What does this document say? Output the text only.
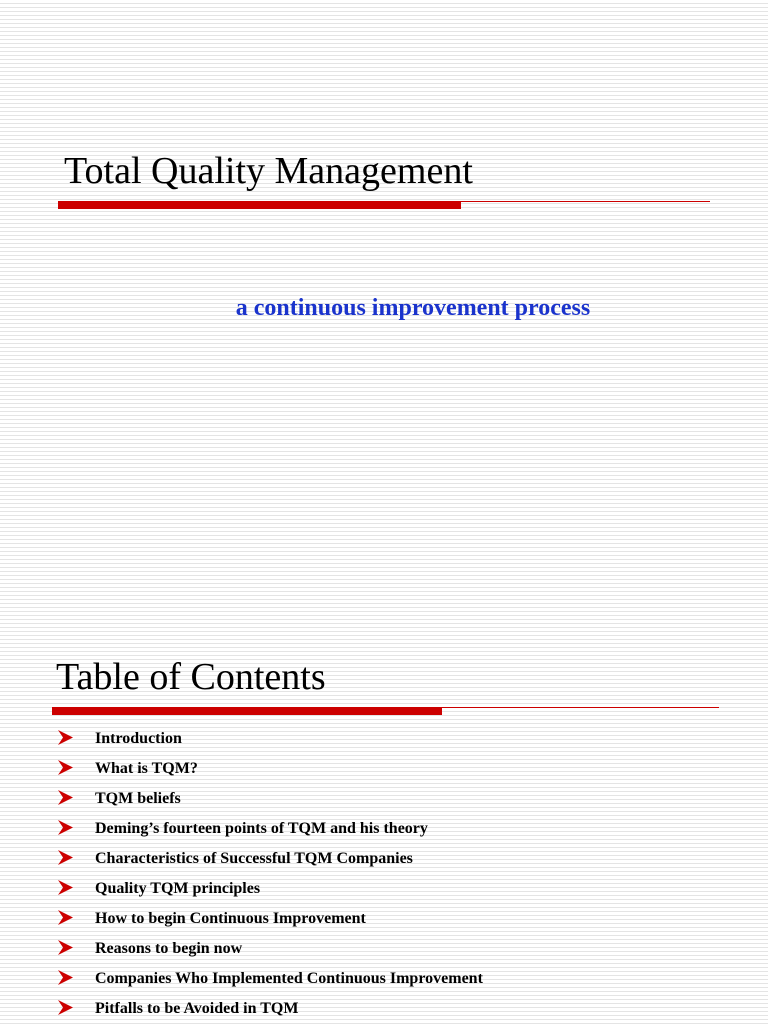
Total Quality Management

a continuous improvement process

Table of Contents
Introduction
What is TQM?
TQM beliefs
Deming’s fourteen points of TQM and his theory
Characteristics of Successful TQM Companies
Quality TQM principles
How to begin Continuous Improvement
Reasons to begin now
Companies Who Implemented Continuous Improvement
Pitfalls to be Avoided in TQM
